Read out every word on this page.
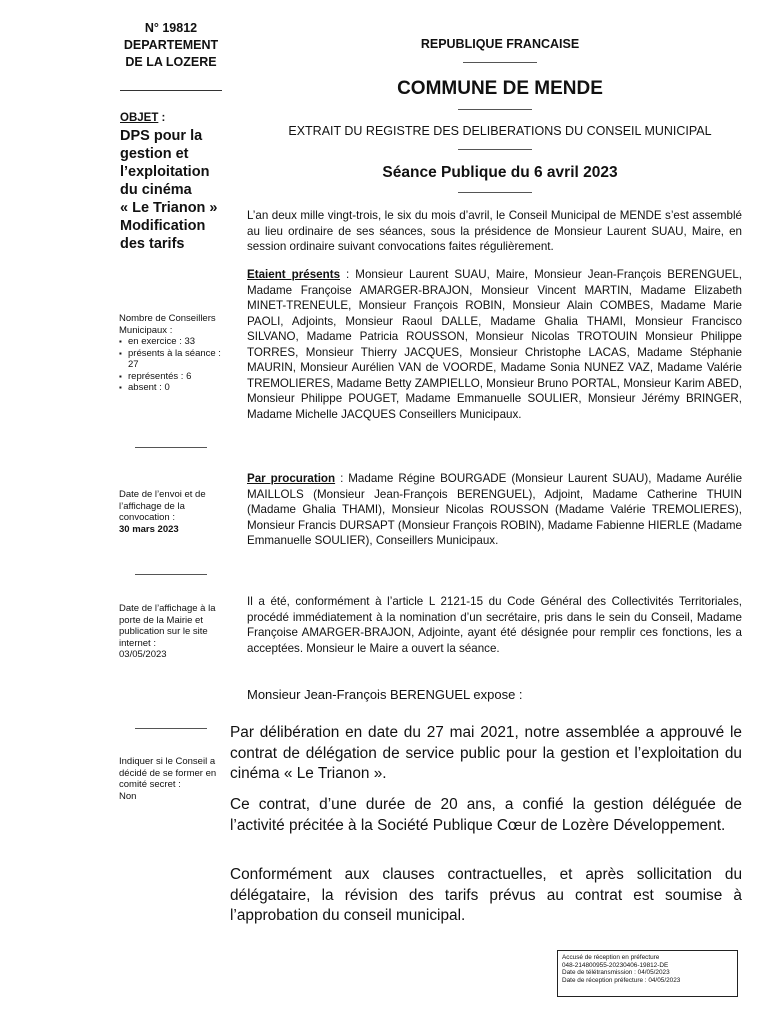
N° 19812
DEPARTEMENT
DE LA LOZERE
OBJET :
DPS pour la
gestion et
l’exploitation
du cinéma
« Le Trianon »
Modification
des tarifs
Nombre de Conseillers Municipaux :
▪ en exercice : 33
▪ présents à la séance : 27
▪ représentés : 6
▪ absent : 0
Date de l’envoi et de l’affichage de la convocation :
30 mars 2023
Date de l’affichage à la porte de la Mairie et publication sur le site internet :
03/05/2023
Indiquer si le Conseil a décidé de se former en comité secret :
Non
REPUBLIQUE FRANCAISE
COMMUNE DE MENDE
EXTRAIT DU REGISTRE DES DELIBERATIONS DU CONSEIL MUNICIPAL
Séance Publique du 6 avril 2023
L’an deux mille vingt-trois, le six du mois d’avril, le Conseil Municipal de MENDE s’est assemblé au lieu ordinaire de ses séances, sous la présidence de Monsieur Laurent SUAU, Maire, en session ordinaire suivant convocations faites régulièrement.
Etaient présents : Monsieur Laurent SUAU, Maire, Monsieur Jean-François BERENGUEL, Madame Françoise AMARGER-BRAJON, Monsieur Vincent MARTIN, Madame Elizabeth MINET-TRENEULE, Monsieur François ROBIN, Monsieur Alain COMBES, Madame Marie PAOLI, Adjoints, Monsieur Raoul DALLE, Madame Ghalia THAMI, Monsieur Francisco SILVANO, Madame Patricia ROUSSON, Monsieur Nicolas TROTOUIN Monsieur Philippe TORRES, Monsieur Thierry JACQUES, Monsieur Christophe LACAS, Madame Stéphanie MAURIN, Monsieur Aurélien VAN de VOORDE, Madame Sonia NUNEZ VAZ, Madame Valérie TREMOLIERES, Madame Betty ZAMPIELLO, Monsieur Bruno PORTAL, Monsieur Karim ABED, Monsieur Philippe POUGET, Madame Emmanuelle SOULIER, Monsieur Jérémy BRINGER, Madame Michelle JACQUES Conseillers Municipaux.
Par procuration : Madame Régine BOURGADE (Monsieur Laurent SUAU), Madame Aurélie MAILLOLS (Monsieur Jean-François BERENGUEL), Adjoint, Madame Catherine THUIN (Madame Ghalia THAMI), Monsieur Nicolas ROUSSON (Madame Valérie TREMOLIERES), Monsieur Francis DURSAPT (Monsieur François ROBIN), Madame Fabienne HIERLE (Madame Emmanuelle SOULIER), Conseillers Municipaux.
Il a été, conformément à l’article L 2121-15 du Code Général des Collectivités Territoriales, procédé immédiatement à la nomination d’un secrétaire, pris dans le sein du Conseil, Madame Françoise AMARGER-BRAJON, Adjointe, ayant été désignée pour remplir ces fonctions, les a acceptées. Monsieur le Maire a ouvert la séance.
Monsieur Jean-François BERENGUEL expose :
Par délibération en date du 27 mai 2021, notre assemblée a approuvé le contrat de délégation de service public pour la gestion et l’exploitation du cinéma « Le Trianon ».
Ce contrat, d’une durée de 20 ans, a confié la gestion déléguée de l’activité précitée à la Société Publique Cœur de Lozère Développement.
Conformément aux clauses contractuelles, et après sollicitation du délégataire, la révision des tarifs prévus au contrat est soumise à l’approbation du conseil municipal.
Accusé de réception en préfecture
048-214800955-20230406-19812-DE
Date de télétransmission : 04/05/2023
Date de réception préfecture : 04/05/2023
